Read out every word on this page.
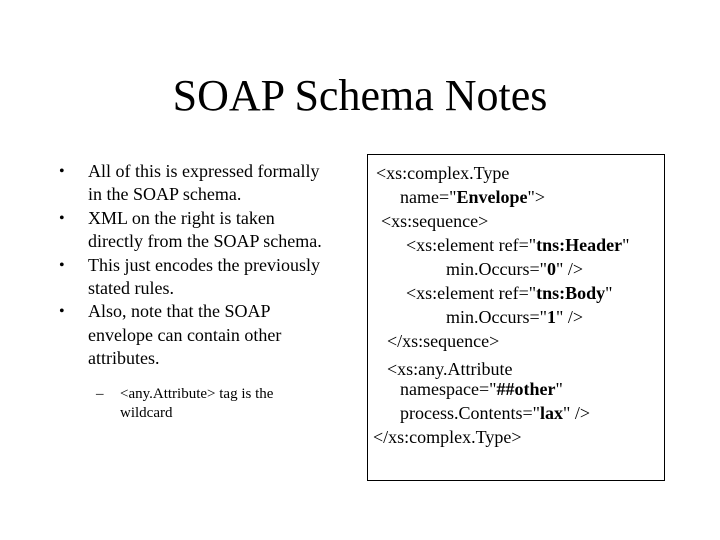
SOAP Schema Notes
• All of this is expressed formally
in the SOAP schema.
• XML on the right is taken
directly from the SOAP schema.
• This just encodes the previously
stated rules.
• Also, note that the SOAP
envelope can contain other
attributes.
– <any.Attribute> tag is the
wildcard
<xs:complex.Type
name="Envelope">
<xs:sequence>
<xs:element ref="tns:Header"
min.Occurs="0" />
<xs:element ref="tns:Body"
min.Occurs="1" />
</xs:sequence>
<xs:any.Attribute
namespace="##other"
process.Contents="lax" />
</xs:complex.Type>
